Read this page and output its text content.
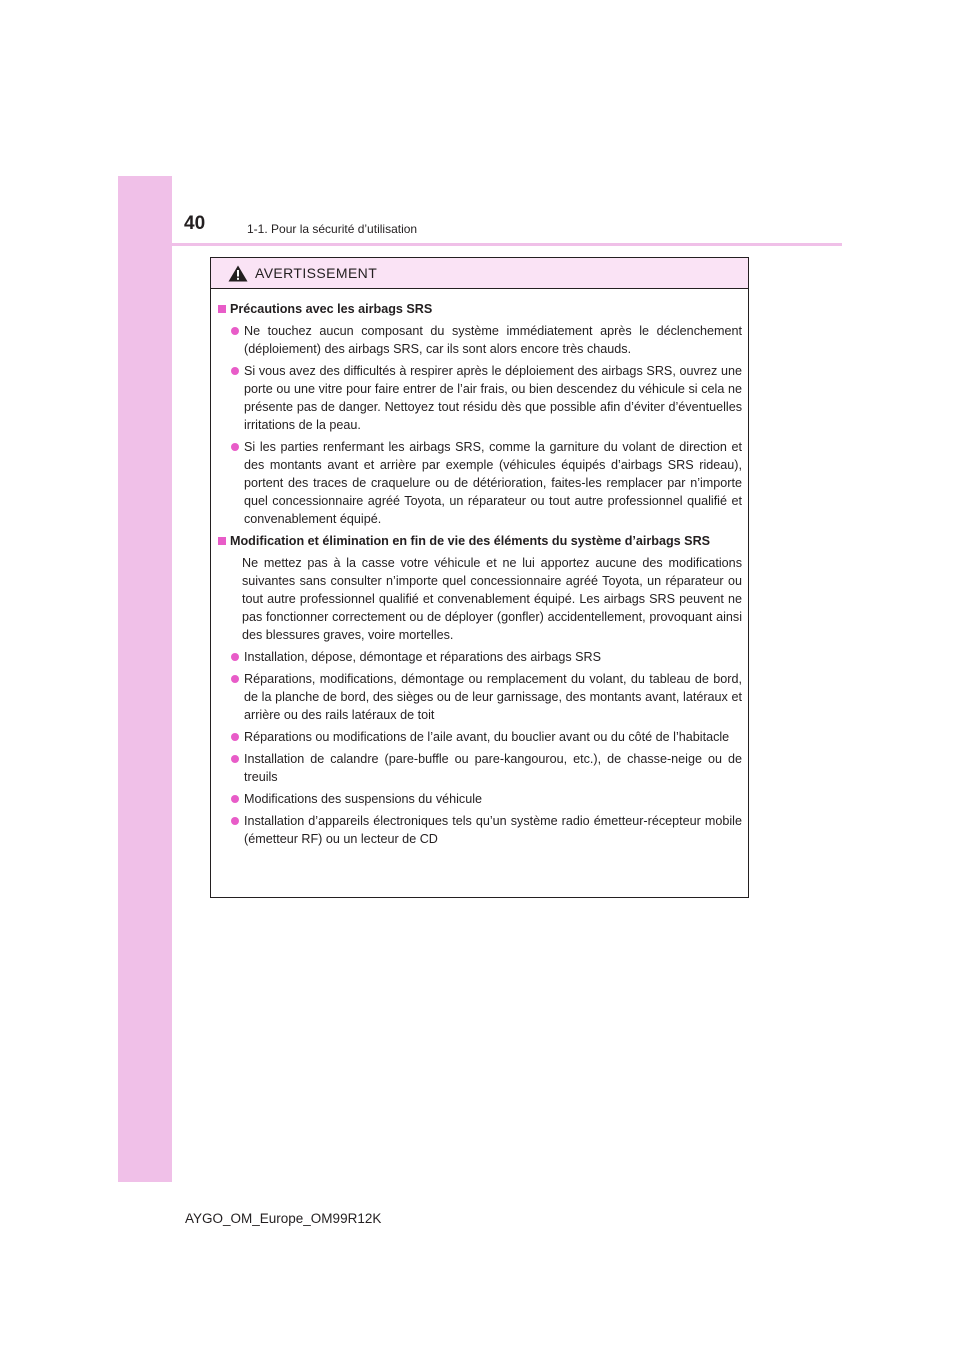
40	1-1. Pour la sécurité d’utilisation
AVERTISSEMENT
Précautions avec les airbags SRS
Ne touchez aucun composant du système immédiatement après le déclenchement (déploiement) des airbags SRS, car ils sont alors encore très chauds.
Si vous avez des difficultés à respirer après le déploiement des airbags SRS, ouvrez une porte ou une vitre pour faire entrer de l’air frais, ou bien descendez du véhicule si cela ne présente pas de danger. Nettoyez tout résidu dès que possible afin d’éviter d’éventuelles irritations de la peau.
Si les parties renfermant les airbags SRS, comme la garniture du volant de direction et des montants avant et arrière par exemple (véhicules équipés d’airbags SRS rideau), portent des traces de craquelure ou de détérioration, faites-les remplacer par n’importe quel concessionnaire agréé Toyota, un réparateur ou tout autre professionnel qualifié et convenablement équipé.
Modification et élimination en fin de vie des éléments du système d’airbags SRS
Ne mettez pas à la casse votre véhicule et ne lui apportez aucune des modifications suivantes sans consulter n’importe quel concessionnaire agréé Toyota, un réparateur ou tout autre professionnel qualifié et convenablement équipé. Les airbags SRS peuvent ne pas fonctionner correctement ou de déployer (gonfler) accidentellement, provoquant ainsi des blessures graves, voire mortelles.
Installation, dépose, démontage et réparations des airbags SRS
Réparations, modifications, démontage ou remplacement du volant, du tableau de bord, de la planche de bord, des sièges ou de leur garnissage, des montants avant, latéraux et arrière ou des rails latéraux de toit
Réparations ou modifications de l’aile avant, du bouclier avant ou du côté de l’habitacle
Installation de calandre (pare-buffle ou pare-kangourou, etc.), de chasse-neige ou de treuils
Modifications des suspensions du véhicule
Installation d’appareils électroniques tels qu’un système radio émetteur-récepteur mobile (émetteur RF) ou un lecteur de CD
AYGO_OM_Europe_OM99R12K
